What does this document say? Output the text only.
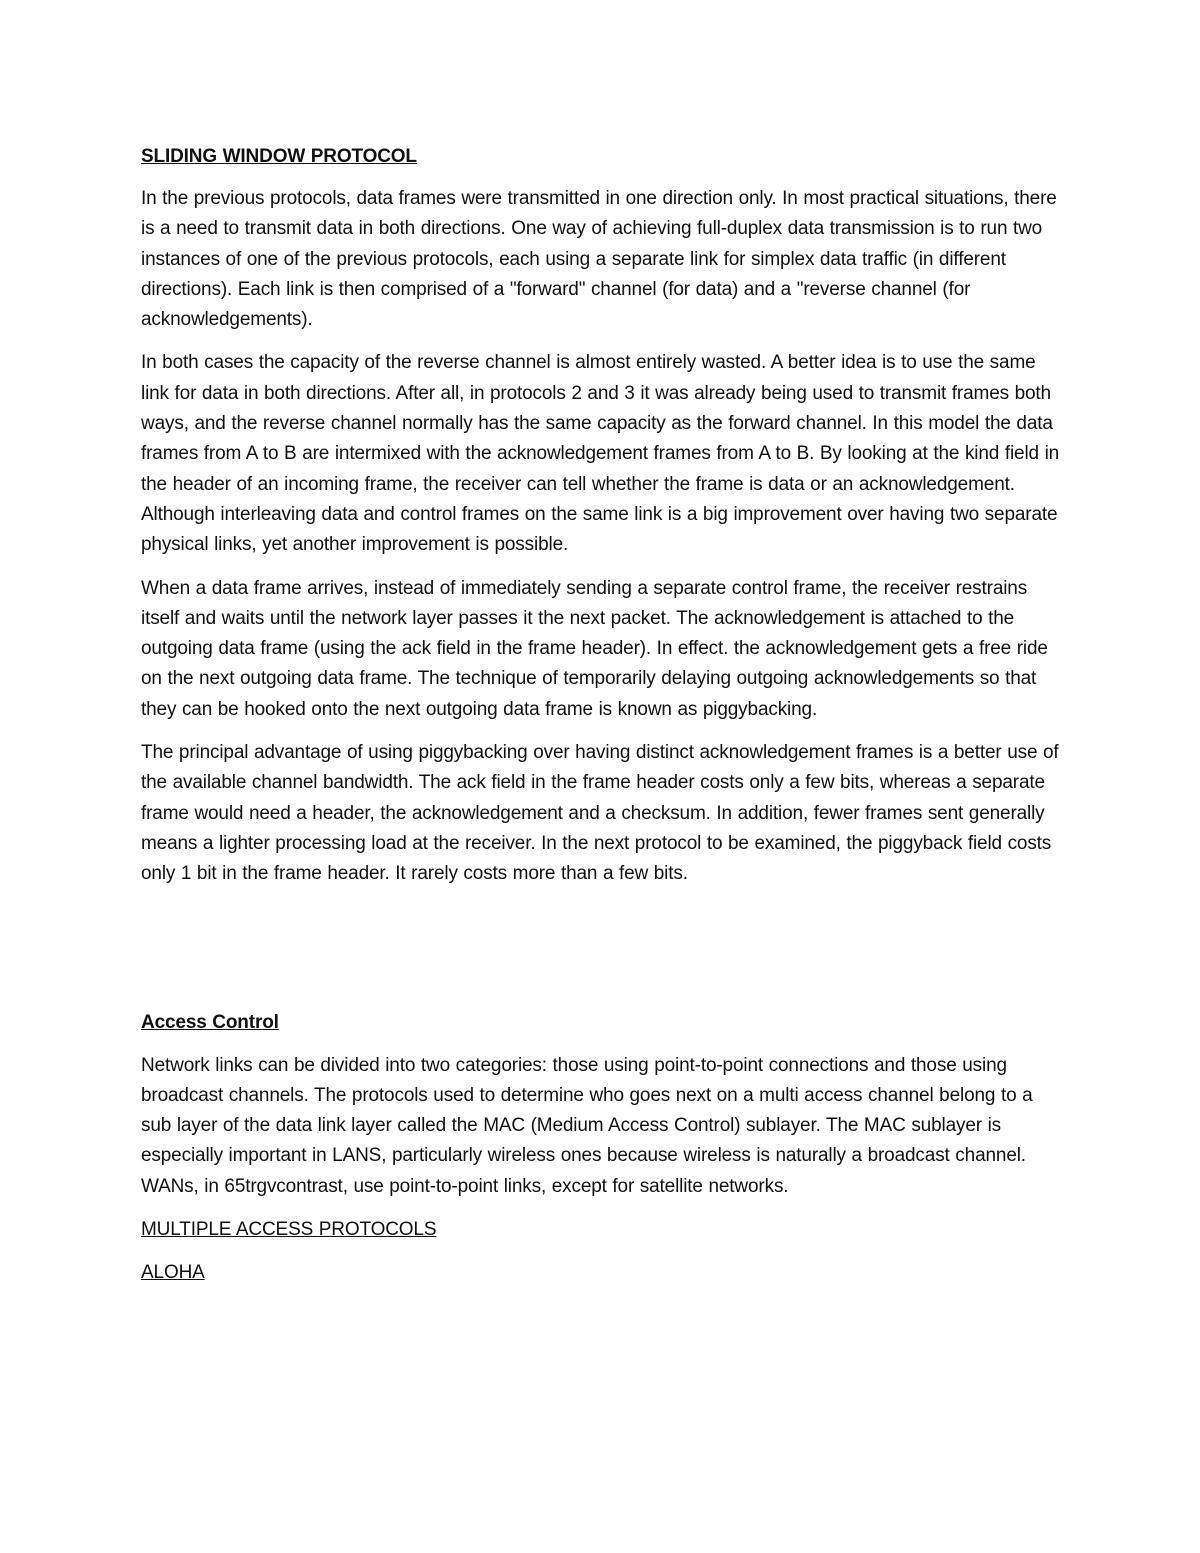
SLIDING WINDOW PROTOCOL

In the previous protocols, data frames were transmitted in one direction only. In most practical situations, there is a need to transmit data in both directions. One way of achieving full-duplex data transmission is to run two instances of one of the previous protocols, each using a separate link for simplex data traffic (in different directions). Each link is then comprised of a "forward" channel (for data) and a "reverse channel (for acknowledgements).

In both cases the capacity of the reverse channel is almost entirely wasted. A better idea is to use the same link for data in both directions. After all, in protocols 2 and 3 it was already being used to transmit frames both ways, and the reverse channel normally has the same capacity as the forward channel. In this model the data frames from A to B are intermixed with the acknowledgement frames from A to B. By looking at the kind field in the header of an incoming frame, the receiver can tell whether the frame is data or an acknowledgement. Although interleaving data and control frames on the same link is a big improvement over having two separate physical links, yet another improvement is possible.

When a data frame arrives, instead of immediately sending a separate control frame, the receiver restrains itself and waits until the network layer passes it the next packet. The acknowledgement is attached to the outgoing data frame (using the ack field in the frame header). In effect. the acknowledgement gets a free ride on the next outgoing data frame. The technique of temporarily delaying outgoing acknowledgements so that they can be hooked onto the next outgoing data frame is known as piggybacking.

The principal advantage of using piggybacking over having distinct acknowledgement frames is a better use of the available channel bandwidth. The ack field in the frame header costs only a few bits, whereas a separate frame would need a header, the acknowledgement and a checksum. In addition, fewer frames sent generally means a lighter processing load at the receiver. In the next protocol to be examined, the piggyback field costs only 1 bit in the frame header. It rarely costs more than a few bits.

Access Control

Network links can be divided into two categories: those using point-to-point connections and those using broadcast channels. The protocols used to determine who goes next on a multi access channel belong to a sub layer of the data link layer called the MAC (Medium Access Control) sublayer. The MAC sublayer is especially important in LANS, particularly wireless ones because wireless is naturally a broadcast channel. WANs, in 65trgvcontrast, use point-to-point links, except for satellite networks.

MULTIPLE ACCESS PROTOCOLS

ALOHA
